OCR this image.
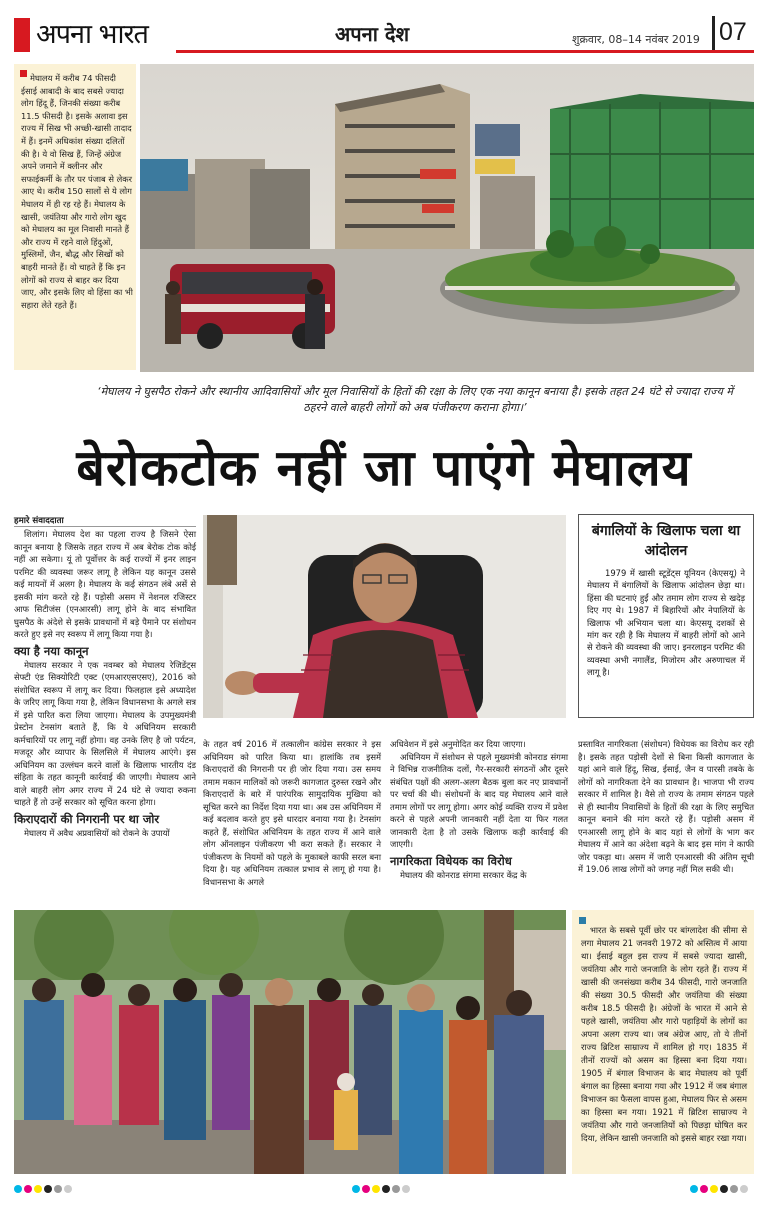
अपना भारत	अपना देश	शुक्रवार, 08–14 नवंबर 2019 07

मेघालय में करीब 74 फीसदी ईसाई आबादी के बाद सबसे ज्यादा लोग हिंदू हैं, जिनकी संख्या करीब 11.5 फीसदी है। इसके अलावा इस राज्य में सिख भी अच्छी-खासी तादाद में हैं। इनमें अधिकांश संख्या दलितों की है। ये वो सिख हैं, जिन्हें अंग्रेज अपने जमाने में क्लीनर और सफाईकर्मी के तौर पर पंजाब से लेकर आए थे। करीब 150 सालों से ये लोग मेघालय में ही रह रहे हैं। मेघालय के खासी, जयंतिया और गारो लोग खुद को मेघालय का मूल निवासी मानते हैं और राज्य में रहने वाले हिंदुओं, मुस्लिमों, जैन, बौद्ध और सिखों को बाहरी मानते हैं। वो चाहते हैं कि इन लोगों को राज्य से बाहर कर दिया जाए, और इसके लिए वो हिंसा का भी सहारा लेते रहते हैं।

‘मेघालय ने घुसपैठ रोकने और स्थानीय आदिवासियों और मूल निवासियों के हितों की रक्षा के लिए एक नया कानून बनाया है। इसके तहत 24 घंटे से ज्यादा राज्य में ठहरने वाले बाहरी लोगों को अब पंजीकरण कराना होगा।’
बेरोकटोक नहीं जा पाएंगे मेघालय
हमारे संवाददाता

शिलांग। मेघालय देश का पहला राज्य है जिसने ऐसा कानून बनाया है जिसके तहत राज्य में अब बेरोक टोक कोई नहीं आ सकेगा। यूं तो पूर्वोत्तर के कई राज्यों में इनर लाइन परमिट की व्यवस्था जरूर लागू है लेकिन यह कानून उससे कई मायनों में अलग है। मेघालय के कई संगठन लंबे असें से इसकी मांग करते रहे हैं। पड़ोसी असम में नेशनल रजिस्टर आफ सिटीजंस (एनआरसी) लागू होने के बाद संभावित घुसपैठ के अंदेशे से इसके प्रावधानों में बड़े पैमाने पर संशोधन करते हुए इसे नए स्वरूप में लागू किया गया है।

क्या है नया कानून

मेघालय सरकार ने एक नवम्बर को मेघालय रेजिडेंट्स सेफ्टी एंड सिक्योरिटी एक्ट (एमआरएसएसए), 2016 को संशोधित स्वरूप में लागू कर दिया। फिलहाल इसे अध्यादेश के जरिए लागू किया गया है, लेकिन विधानसभा के अगले सत्र में इसे पारित करा लिया जाएगा। मेघालय के उपमुख्यमंत्री प्रेस्टोन टेनसांग बताते हैं, कि ये अधिनियम सरकारी कर्मचारियों पर लागू नहीं होगा। वह उनके लिए है जो पर्यटन, मजदूर और व्यापार के सिलसिले में मेघालय आएंगे। इस अधिनियम का उल्लंघन करने वालों के खिलाफ भारतीय दंड संहिता के तहत कानूनी कार्रवाई की जाएगी। मेघालय आने वाले बाहरी लोग अगर राज्य में 24 घंटे से ज्यादा रुकना चाहते हैं तो उन्हें सरकार को सूचित करना होगा।

किराएदारों की निगरानी पर था जोर

मेघालय में अवैध अप्रवासियों को रोकने के उपायों

बंगालियों के खिलाफ चला था आंदोलन
1979 में खासी स्टूडेंट्स यूनियन (केएसयू) ने मेघालय में बंगालियों के खिलाफ आंदोलन छेड़ा था। हिंसा की घटनाएं हुईं और तमाम लोग राज्य से खदेड़ दिए गए थे। 1987 में बिहारियों और नेपालियों के खिलाफ भी अभियान चला था। केएसयू दशकों से मांग कर रही है कि मेघालय में बाहरी लोगों को आने से रोकने की व्यवस्था की जाए। इनरलाइन परमिट की व्यवस्था अभी नगालैंड, मिजोरम और अरुणाचल में लागू है।

के तहत वर्ष 2016 में तत्कालीन कांग्रेस सरकार ने इस अधिनियम को पारित किया था। हालांकि तब इसमें किराएदारों की निगरानी पर ही जोर दिया गया। उस समय तमाम मकान मालिकों को जरूरी कागजात दुरुस्त रखने और किराएदारों के बारे में पारंपरिक सामुदायिक मुखिया को सूचित करने का निर्देश दिया गया था। अब उस अधिनियम में कई बदलाव करते हुए इसे धारदार बनाया गया है। टेनसांग कहते हैं, संशोधित अधिनियम के तहत राज्य में आने वाले लोग ऑनलाइन पंजीकरण भी करा सकते हैं। सरकार ने पंजीकरण के नियमों को पहले के मुकाबले काफी सरल बना दिया है। यह अधिनियम तत्काल प्रभाव से लागू हो गया है। विधानसभा के अगले

अधिवेशन में इसे अनुमोदित कर दिया जाएगा।

अधिनियम में संशोधन से पहले मुख्यमंत्री कोनराड संगमा ने विभिन्न राजनीतिक दलों, गैर-सरकारी संगठनों और दूसरे संबंधित पक्षों की अलग-अलग बैठक बुला कर नए प्रावधानों पर चर्चा की थी। संशोधनों के बाद यह मेघालय आने वाले तमाम लोगों पर लागू होगा। अगर कोई व्यक्ति राज्य में प्रवेश करने से पहले अपनी जानकारी नहीं देता या फिर गलत जानकारी देता है तो उसके खिलाफ कड़ी कार्रवाई की जाएगी।

नागरिकता विधेयक का विरोध

मेघालय की कोनराड संगमा सरकार केंद्र के

प्रस्तावित नागरिकता (संशोधन) विधेयक का विरोध कर रही है। इसके तहत पड़ोसी देशों से बिना किसी कागजात के यहां आने वाले हिंदू, सिख, ईसाई, जैन व पारसी तबके के लोगों को नागरिकता देने का प्रावधान है। भाजपा भी राज्य सरकार में शामिल है। वैसे तो राज्य के तमाम संगठन पहले से ही स्थानीय निवासियों के हितों की रक्षा के लिए समुचित कानून बनाने की मांग करते रहे हैं। पड़ोसी असम में एनआरसी लागू होने के बाद यहां से लोगों के भाग कर मेघालय में आने का अंदेशा बढ़ने के बाद इस मांग ने काफी जोर पकड़ा था। असम में जारी एनआरसी की अंतिम सूची में 19.06 लाख लोगों को जगह नहीं मिल सकी थी।

भारत के सबसे पूर्वी छोर पर बांग्लादेश की सीमा से लगा मेघालय 21 जनवरी 1972 को अस्तित्व में आया था। ईसाई बहुल इस राज्य में सबसे ज्यादा खासी, जयंतिया और गारो जनजाति के लोग रहते हैं। राज्य में खासी की जनसंख्या करीब 34 फीसदी, गारो जनजाति की संख्या 30.5 फीसदी और जयंतिया की संख्या करीब 18.5 फीसदी है। अंग्रेजों के भारत में आने से पहले खासी, जयंतिया और गारो पहाड़ियों के लोगों का अपना अलग राज्य था। जब अंग्रेज आए, तो ये तीनों राज्य ब्रिटिश साम्राज्य में शामिल हो गए। 1835 में तीनों राज्यों को असम का हिस्सा बना दिया गया। 1905 में बंगाल विभाजन के बाद मेघालय को पूर्वी बंगाल का हिस्सा बनाया गया और 1912 में जब बंगाल विभाजन का फैसला वापस हुआ, मेघालय फिर से असम का हिस्सा बन गया। 1921 में ब्रिटिश साम्राज्य ने जयंतिया और गारो जनजातियों को पिछड़ा घोषित कर दिया, लेकिन खासी जनजाति को इससे बाहर रखा गया।
